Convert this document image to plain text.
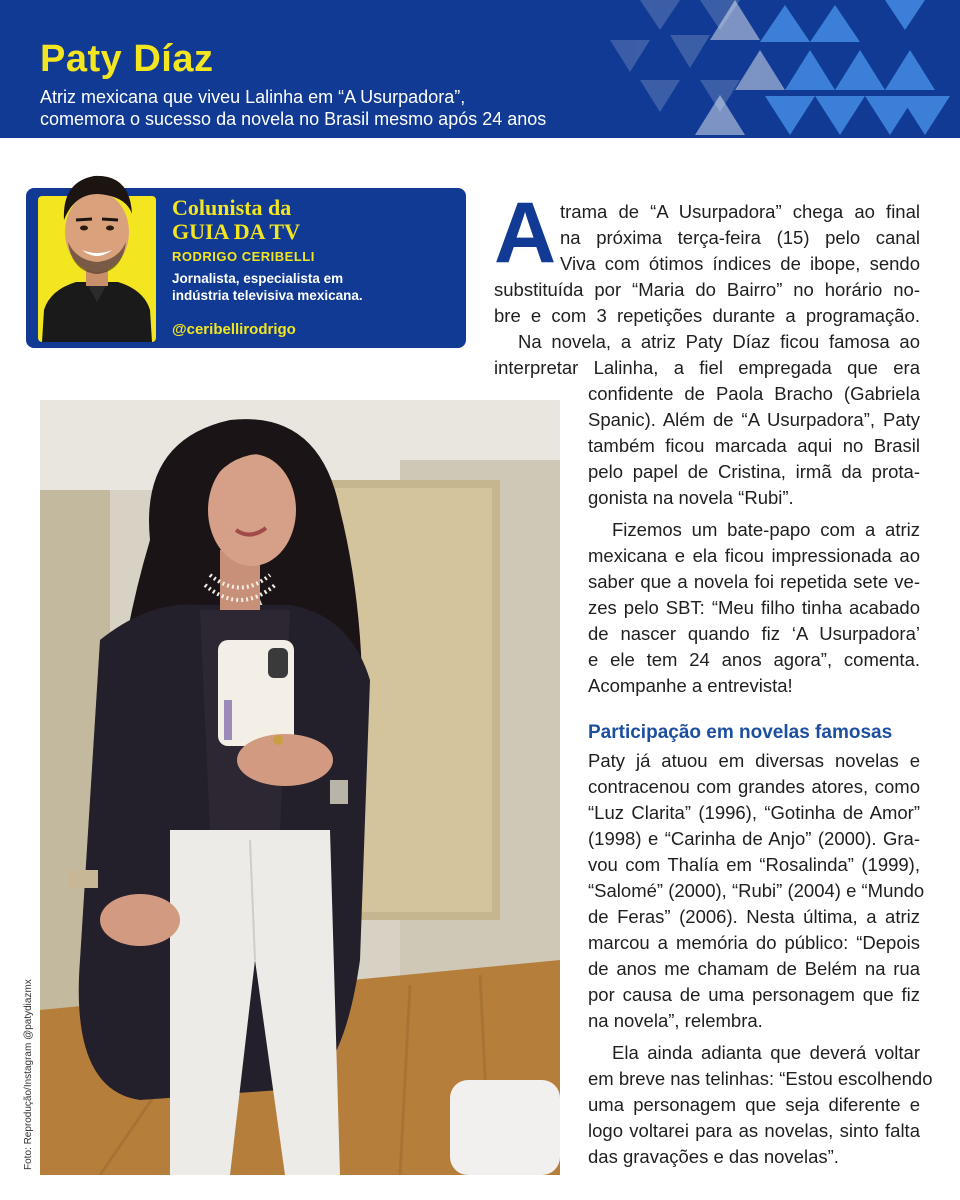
Paty Díaz
Atriz mexicana que viveu Lalinha em “A Usurpadora”,
comemora o sucesso da novela no Brasil mesmo após 24 anos
Colunista da
GUIA DA TV
RODRIGO CERIBELLI
Jornalista, especialista em
indústria televisiva mexicana.
@ceribellirodrigo
Foto: Reprodução/Instagram @patydiazmx
A trama de “A Usurpadora” chega ao final
na próxima terça-feira (15) pelo canal
Viva com ótimos índices de ibope, sendo
substituída por “Maria do Bairro” no horário no-
bre e com 3 repetições durante a programação.
Na novela, a atriz Paty Díaz ficou famosa ao
interpretar Lalinha, a fiel empregada que era
confidente de Paola Bracho (Gabriela
Spanic). Além de “A Usurpadora”, Paty
também ficou marcada aqui no Brasil
pelo papel de Cristina, irmã da prota-
gonista na novela “Rubi”.
Fizemos um bate-papo com a atriz
mexicana e ela ficou impressionada ao
saber que a novela foi repetida sete ve-
zes pelo SBT: “Meu filho tinha acabado
de nascer quando fiz ‘A Usurpadora’
e ele tem 24 anos agora”, comenta.
Acompanhe a entrevista!
Participação em novelas famosas
Paty já atuou em diversas novelas e
contracenou com grandes atores, como
“Luz Clarita” (1996), “Gotinha de Amor”
(1998) e “Carinha de Anjo” (2000). Gra-
vou com Thalía em “Rosalinda” (1999),
“Salomé” (2000), “Rubi” (2004) e “Mundo
de Feras” (2006). Nesta última, a atriz
marcou a memória do público: “Depois
de anos me chamam de Belém na rua
por causa de uma personagem que fiz
na novela”, relembra.
Ela ainda adianta que deverá voltar
em breve nas telinhas: “Estou escolhendo
uma personagem que seja diferente e
logo voltarei para as novelas, sinto falta
das gravações e das novelas”.
